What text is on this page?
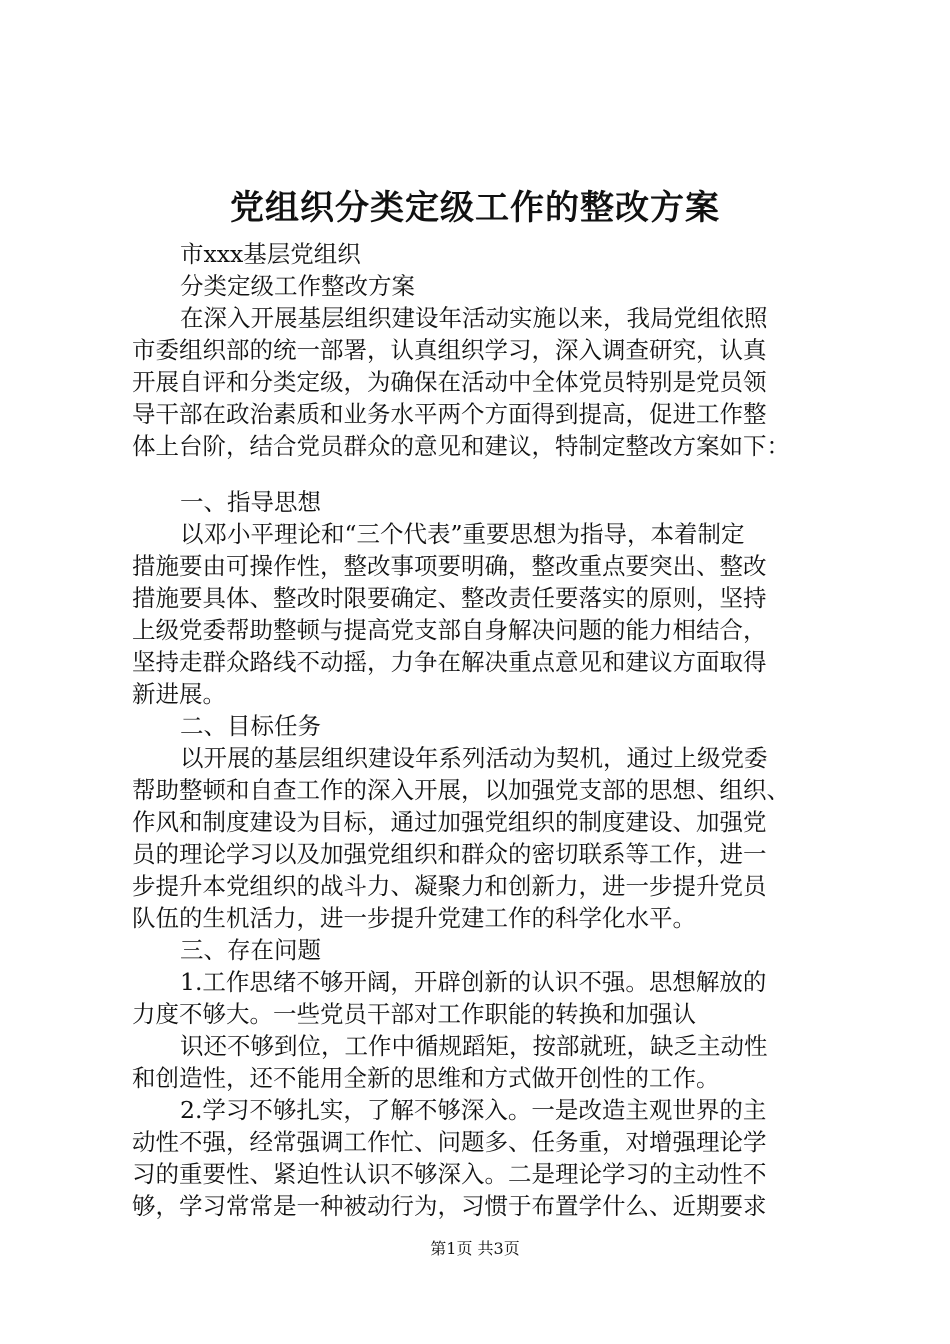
党组织分类定级工作的整改方案
市xxx基层党组织
分类定级工作整改方案
在深入开展基层组织建设年活动实施以来，我局党组依照
市委组织部的统一部署，认真组织学习，深入调查研究，认真
开展自评和分类定级，为确保在活动中全体党员特别是党员领
导干部在政治素质和业务水平两个方面得到提高，促进工作整
体上台阶，结合党员群众的意见和建议，特制定整改方案如下：
一、指导思想
以邓小平理论和“三个代表”重要思想为指导，本着制定
措施要由可操作性，整改事项要明确，整改重点要突出、整改
措施要具体、整改时限要确定、整改责任要落实的原则，坚持
上级党委帮助整顿与提高党支部自身解决问题的能力相结合，
坚持走群众路线不动摇，力争在解决重点意见和建议方面取得
新进展。
二、目标任务
以开展的基层组织建设年系列活动为契机，通过上级党委
帮助整顿和自查工作的深入开展，以加强党支部的思想、组织、
作风和制度建设为目标，通过加强党组织的制度建设、加强党
员的理论学习以及加强党组织和群众的密切联系等工作，进一
步提升本党组织的战斗力、凝聚力和创新力，进一步提升党员
队伍的生机活力，进一步提升党建工作的科学化水平。
三、存在问题
1.工作思绪不够开阔，开辟创新的认识不强。思想解放的
力度不够大。一些党员干部对工作职能的转换和加强认
识还不够到位，工作中循规蹈矩，按部就班，缺乏主动性
和创造性，还不能用全新的思维和方式做开创性的工作。
2.学习不够扎实，了解不够深入。一是改造主观世界的主
动性不强，经常强调工作忙、问题多、任务重，对增强理论学
习的重要性、紧迫性认识不够深入。二是理论学习的主动性不
够，学习常常是一种被动行为，习惯于布置学什么、近期要求
第1页 共3页
